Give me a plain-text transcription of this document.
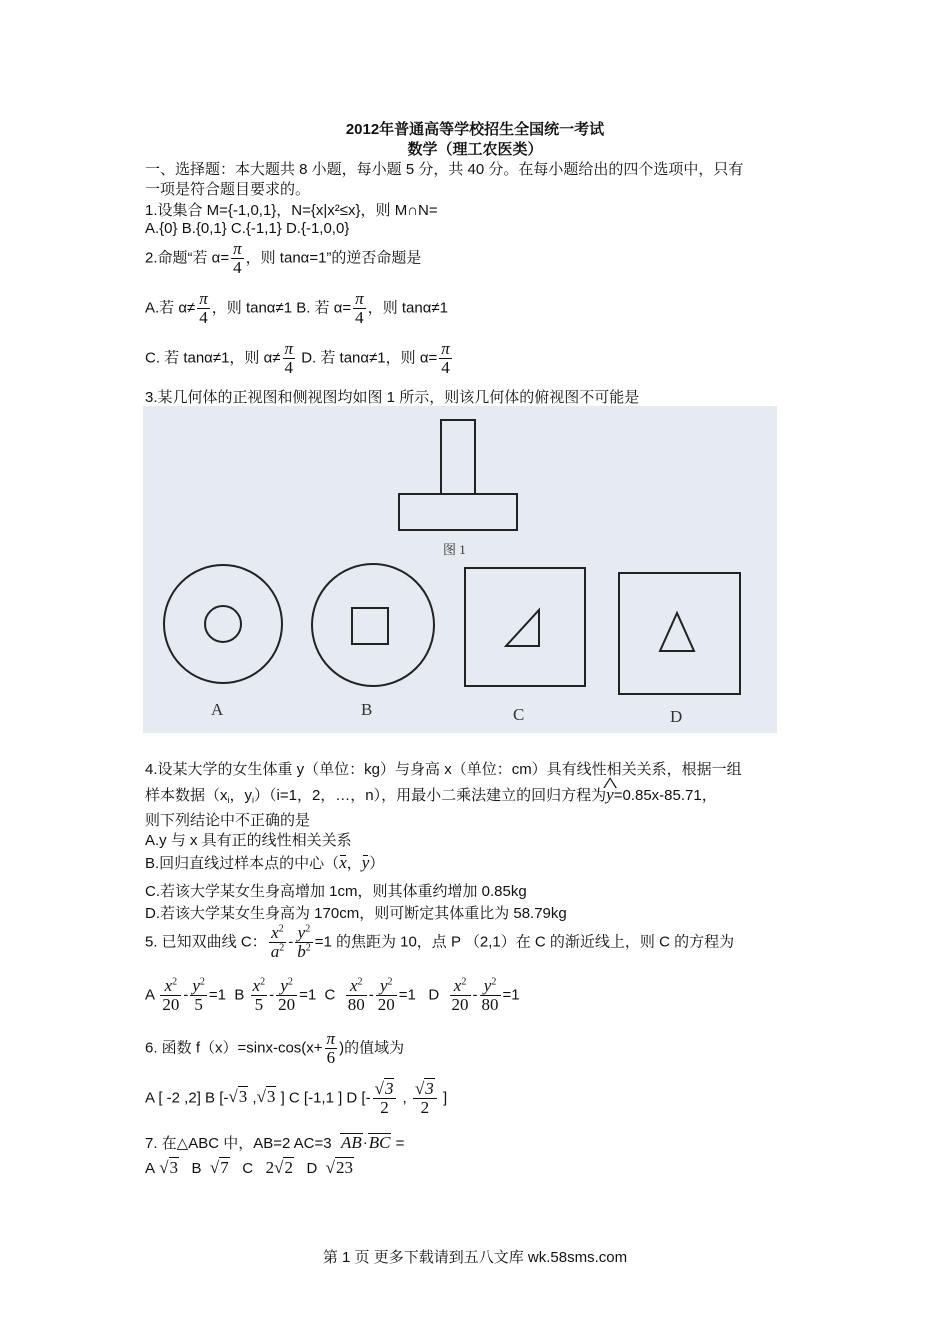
2012年普通高等学校招生全国统一考试
数学（理工农医类）
一、选择题：本大题共 8 小题，每小题 5 分，共 40 分。在每小题给出的四个选项中，只有
一项是符合题目要求的。
1.设集合 M={-1,0,1}，N={x|x²≤x}，则 M∩N=
A.{0} B.{0,1} C.{-1,1} D.{-1,0,0}
2.命题“若 $\alpha= \frac{\pi}{4}$ ，则 tanα=1”的逆否命题是
A.若 $\alpha\ne \frac{\pi}{4}$ ，则 tanα≠1 B. 若 $\alpha= \frac{\pi}{4}$ ，则 tanα≠1
C. 若 tanα≠1，则 $\alpha\ne \frac{\pi}{4} D$. 若 tanα≠1，则 $\alpha= \frac{\pi}{4}$
3.某几何体的正视图和侧视图均如图 1 所示，则该几何体的俯视图不可能是
图 1
A	B	C	D
4.设某大学的女生体重 y（单位：kg）与身高 x（单位：cm）具有线性相关关系，根据一组
样本数据（$x_i$，$y_i)(i=1$，2，…，n），用最小二乘法建立的回归方程为^ y=0.85x-85.71，
则下列结论中不正确的是
A.y 与 x 具有正的线性相关关系
B.回归直线过样本点的中心（x，y）
C.若该大学某女生身高增加 1cm，则其体重约增加 0.85kg
D.若该大学某女生身高为 170cm，则可断定其体重比为 58.79kg
5. 已知双曲线 C： $\frac{x^2}{a^2} - \frac{y^2}{b^2} =1$ 的焦距为 10，点 P （2,1）在 C 的渐近线上，则 C 的方程为
A $\frac{x^2}{20} - \frac{y^2}{5} =1$ B $\frac{x^2}{5} - \frac{y^2}{20} =1$ C $\frac{x^2}{80} - \frac{y^2}{20} =1$ D $\frac{x^2}{20} - \frac{y^2}{80} =1$
6. 函数 $f(x)=\sin x-\cos(x+ \frac{\pi}{6}$ )的值域为
A [ -2 ,2] B [-√3 ,√3 ] C [-1,1 ] D [- $\frac{√3}{2}$ , $\frac{√3}{2}$ ]
7. 在△ABC 中，AB=2 AC=3 AB·BC =
A √3 B √7 C 2√2 D √23
第 1 页 更多下载请到五八文库 wk.58sms.com
